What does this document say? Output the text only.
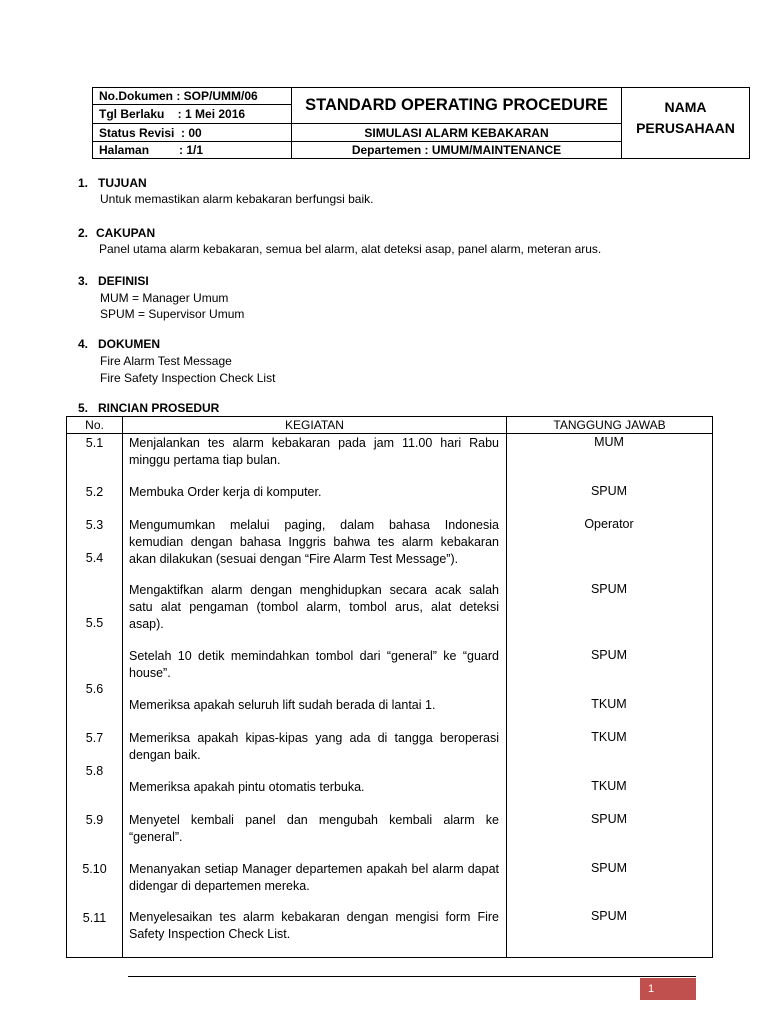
No.Dokumen : SOP/UMM/06
Tgl Berlaku    : 1 Mei 2016
Status Revisi  : 00
Halaman         : 1/1
STANDARD OPERATING PROCEDURE
SIMULASI ALARM KEBAKARAN
Departemen : UMUM/MAINTENANCE
NAMA
PERUSAHAAN
1. TUJUAN
Untuk memastikan alarm kebakaran berfungsi baik.
2. CAKUPAN
Panel utama alarm kebakaran, semua bel alarm, alat deteksi asap, panel alarm, meteran arus.
3. DEFINISI
MUM = Manager Umum
SPUM = Supervisor Umum
4. DOKUMEN
Fire Alarm Test Message
Fire Safety Inspection Check List
5. RINCIAN PROSEDUR
No.	KEGIATAN	TANGGUNG JAWAB
5.1
5.2
5.3
5.4
5.5
5.6
5.7
5.8
5.9
5.10
5.11
Menjalankan tes alarm kebakaran pada jam 11.00 hari Rabu minggu pertama tiap bulan.
Membuka Order kerja di komputer.
Mengumumkan melalui paging, dalam bahasa Indonesia kemudian dengan bahasa Inggris bahwa tes alarm kebakaran akan dilakukan (sesuai dengan “Fire Alarm Test Message”).
Mengaktifkan alarm dengan menghidupkan secara acak salah satu alat pengaman (tombol alarm, tombol arus, alat deteksi asap).
Setelah 10 detik memindahkan tombol dari “general” ke “guard house”.
Memeriksa apakah seluruh lift sudah berada di lantai 1.
Memeriksa apakah kipas-kipas yang ada di tangga beroperasi dengan baik.
Memeriksa apakah pintu otomatis terbuka.
Menyetel kembali panel dan mengubah kembali alarm ke “general”.
Menanyakan setiap Manager departemen apakah bel alarm dapat didengar di departemen mereka.
Menyelesaikan tes alarm kebakaran dengan mengisi form Fire Safety Inspection Check List.
MUM
SPUM
Operator
SPUM
SPUM
TKUM
TKUM
TKUM
SPUM
SPUM
SPUM
1
